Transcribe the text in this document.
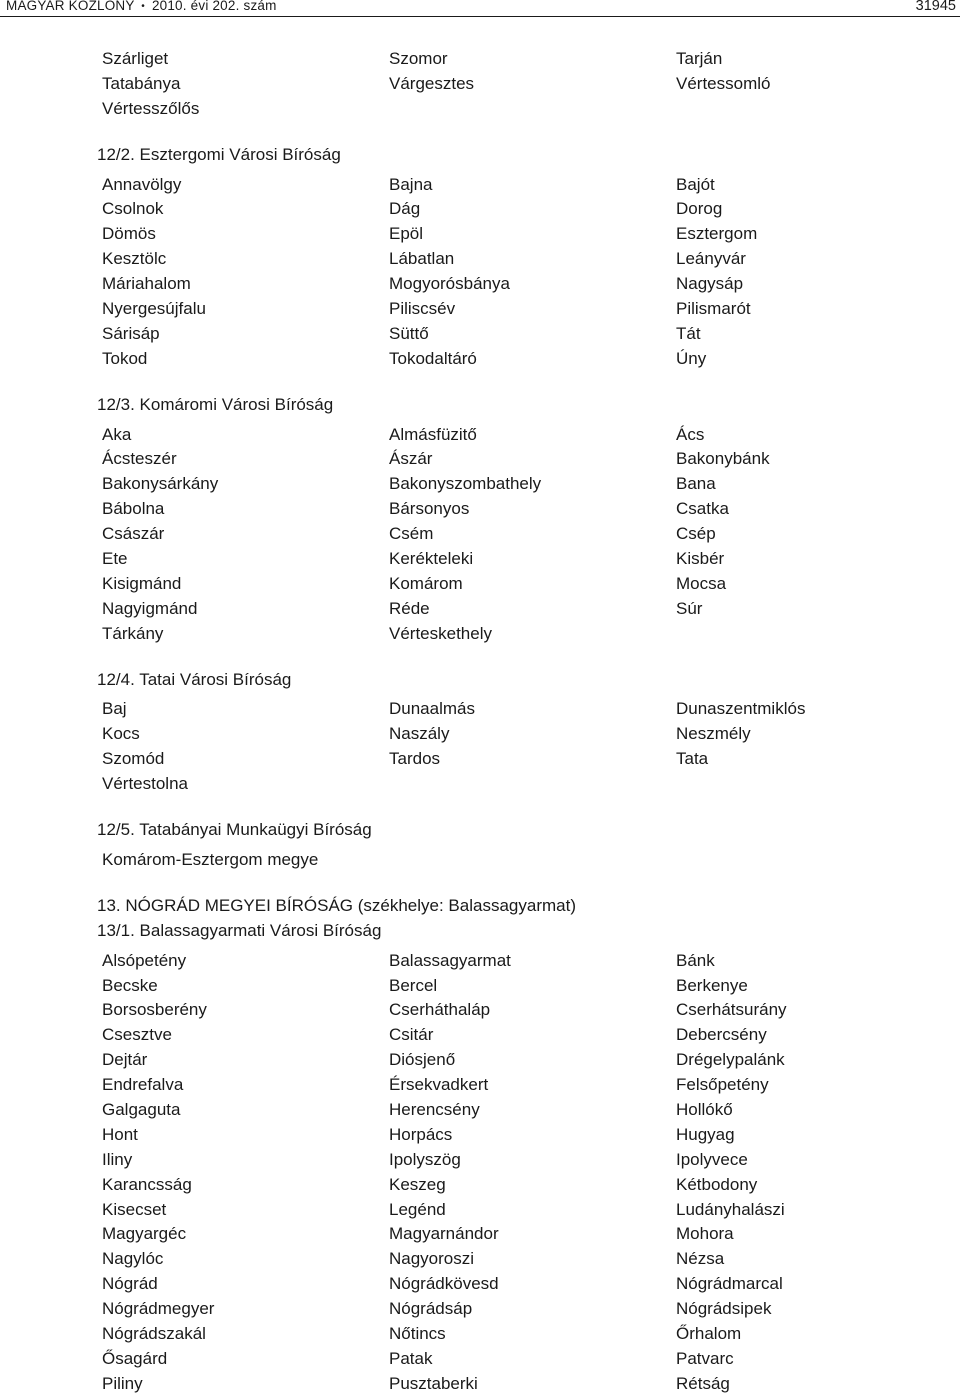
MAGYAR KÖZLÖNY • 2010. évi 202. szám	31945
Szárliget	Szomor	Tarján
Tatabánya	Várgesztes	Vértessomló
Vértesszőlős
12/2. Esztergomi Városi Bíróság
Annavölgy	Bajna	Bajót
Csolnok	Dág	Dorog
Dömös	Epöl	Esztergom
Kesztölc	Lábatlan	Leányvár
Máriahalom	Mogyorósbánya	Nagysáp
Nyergesújfalu	Piliscsév	Pilismarót
Sárisáp	Süttő	Tát
Tokod	Tokodaltáró	Úny
12/3. Komáromi Városi Bíróság
Aka	Almásfüzitő	Ács
Ácsteszér	Ászár	Bakonybánk
Bakonysárkány	Bakonyszombathely	Bana
Bábolna	Bársonyos	Csatka
Császár	Csém	Csép
Ete	Kerékteleki	Kisbér
Kisigmánd	Komárom	Mocsa
Nagyigmánd	Réde	Súr
Tárkány	Vérteskethely
12/4. Tatai Városi Bíróság
Baj	Dunaalmás	Dunaszentmiklós
Kocs	Naszály	Neszmély
Szomód	Tardos	Tata
Vértestolna
12/5. Tatabányai Munkaügyi Bíróság
Komárom-Esztergom megye
13. NÓGRÁD MEGYEI BÍRÓSÁG (székhelye: Balassagyarmat)
13/1. Balassagyarmati Városi Bíróság
Alsópetény	Balassagyarmat	Bánk
Becske	Bercel	Berkenye
Borsosberény	Cserháthaláp	Cserhátsurány
Csesztve	Csitár	Debercsény
Dejtár	Diósjenő	Drégelypalánk
Endrefalva	Érsekvadkert	Felsőpetény
Galgaguta	Herencsény	Hollókő
Hont	Horpács	Hugyag
Iliny	Ipolyszög	Ipolyvece
Karancsság	Keszeg	Kétbodony
Kisecset	Legénd	Ludányhalászi
Magyargéc	Magyarnándor	Mohora
Nagylóc	Nagyoroszi	Nézsa
Nógrád	Nógrádkövesd	Nógrádmarcal
Nógrádmegyer	Nógrádsáp	Nógrádsipek
Nógrádszakál	Nőtincs	Őrhalom
Ősagárd	Patak	Patvarc
Piliny	Pusztaberki	Rétság
